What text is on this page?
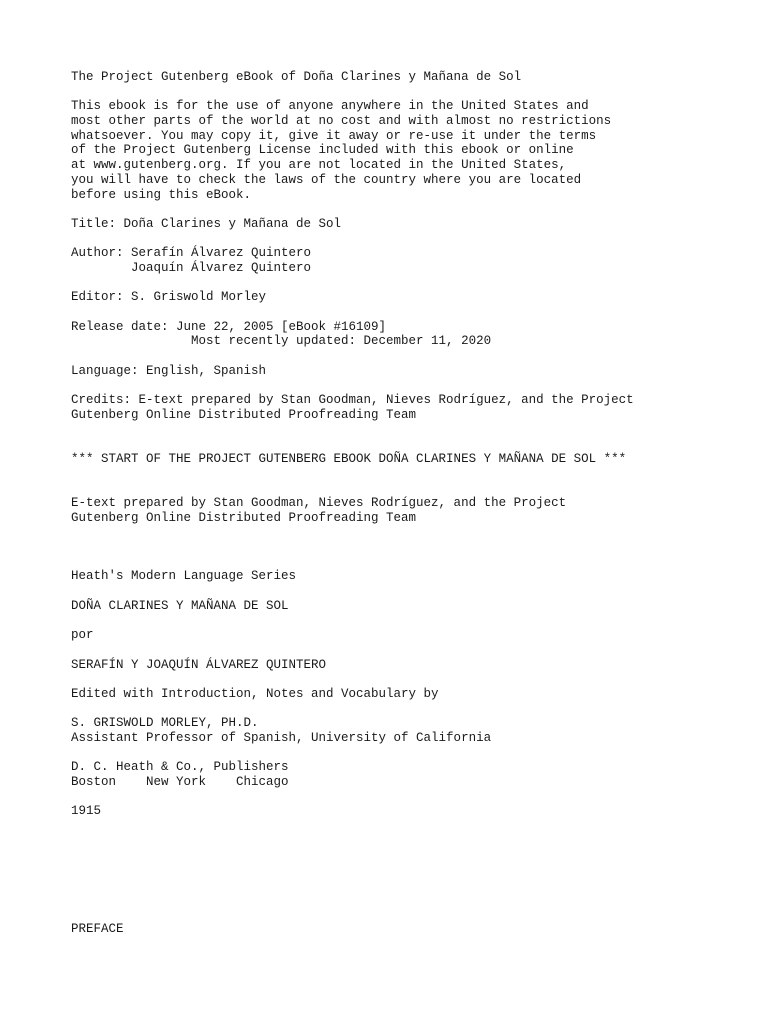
The Project Gutenberg eBook of Doña Clarines y Mañana de Sol
This ebook is for the use of anyone anywhere in the United States and
most other parts of the world at no cost and with almost no restrictions
whatsoever. You may copy it, give it away or re-use it under the terms
of the Project Gutenberg License included with this ebook or online
at www.gutenberg.org. If you are not located in the United States,
you will have to check the laws of the country where you are located
before using this eBook.
Title: Doña Clarines y Mañana de Sol
Author: Serafín Álvarez Quintero
Joaquín Álvarez Quintero
Editor: S. Griswold Morley
Release date: June 22, 2005 [eBook #16109]
Most recently updated: December 11, 2020
Language: English, Spanish
Credits: E-text prepared by Stan Goodman, Nieves Rodríguez, and the Project
Gutenberg Online Distributed Proofreading Team
*** START OF THE PROJECT GUTENBERG EBOOK DOÑA CLARINES Y MAÑANA DE SOL ***
E-text prepared by Stan Goodman, Nieves Rodríguez, and the Project
Gutenberg Online Distributed Proofreading Team
Heath's Modern Language Series
DOÑA CLARINES Y MAÑANA DE SOL
por
SERAFÍN Y JOAQUÍN ÁLVAREZ QUINTERO
Edited with Introduction, Notes and Vocabulary by
S. GRISWOLD MORLEY, PH.D.
Assistant Professor of Spanish, University of California
D. C. Heath & Co., Publishers
Boston    New York    Chicago
1915
PREFACE
